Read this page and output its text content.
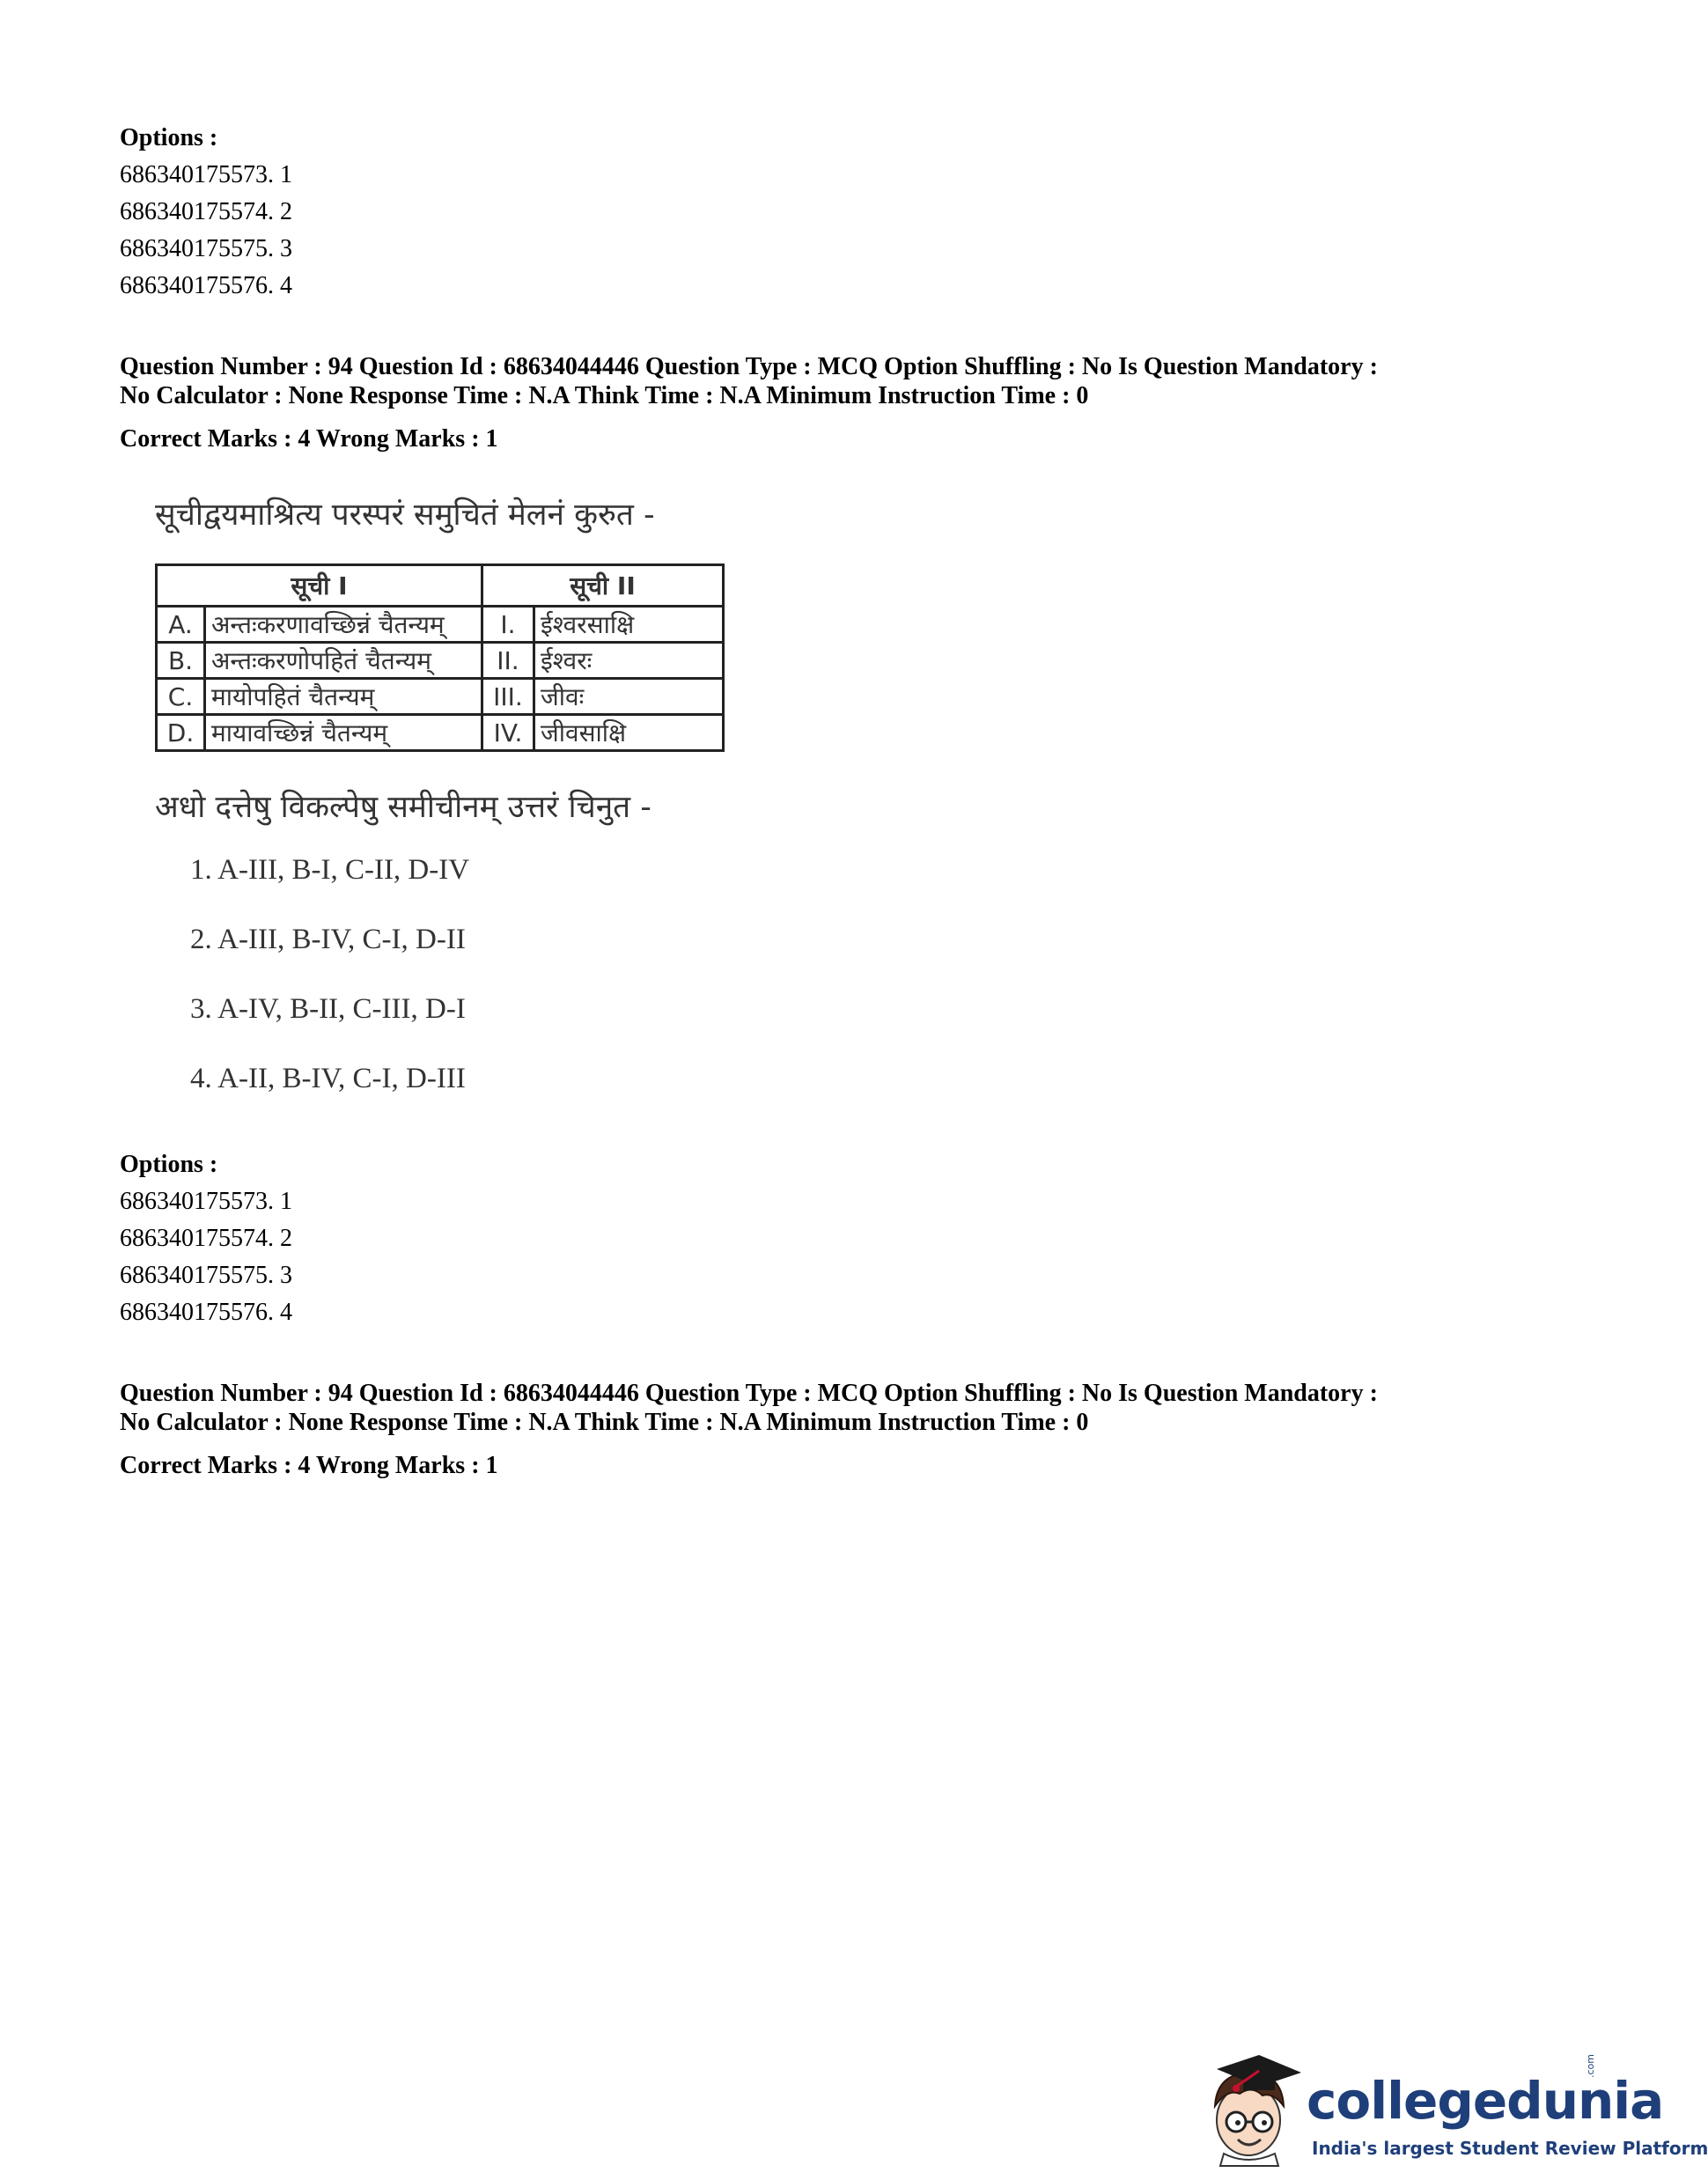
Options :
686340175573. 1
686340175574. 2
686340175575. 3
686340175576. 4
Question Number : 94 Question Id : 68634044446 Question Type : MCQ Option Shuffling : No Is Question Mandatory :
No Calculator : None Response Time : N.A Think Time : N.A Minimum Instruction Time : 0
Correct Marks : 4 Wrong Marks : 1
सूचीद्वयमाश्रित्य परस्परं समुचितं मेलनं कुरुत -
सूची I		सूची II	
A.	अन्तःकरणावच्छिन्नं चैतन्यम्	I.	ईश्वरसाक्षि
B.	अन्तःकरणोपहितं चैतन्यम्	II.	ईश्वरः
C.	मायोपहितं चैतन्यम्	III.	जीवः
D.	मायावच्छिन्नं चैतन्यम्	IV.	जीवसाक्षि
अधो दत्तेषु विकल्पेषु समीचीनम् उत्तरं चिनुत -
1. A-III, B-I, C-II, D-IV
2. A-III, B-IV, C-I, D-II
3. A-IV, B-II, C-III, D-I
4. A-II, B-IV, C-I, D-III
Options :
686340175573. 1
686340175574. 2
686340175575. 3
686340175576. 4
Question Number : 94 Question Id : 68634044446 Question Type : MCQ Option Shuffling : No Is Question Mandatory :
No Calculator : None Response Time : N.A Think Time : N.A Minimum Instruction Time : 0
Correct Marks : 4 Wrong Marks : 1
collegedunia
.com
India's largest Student Review Platform
